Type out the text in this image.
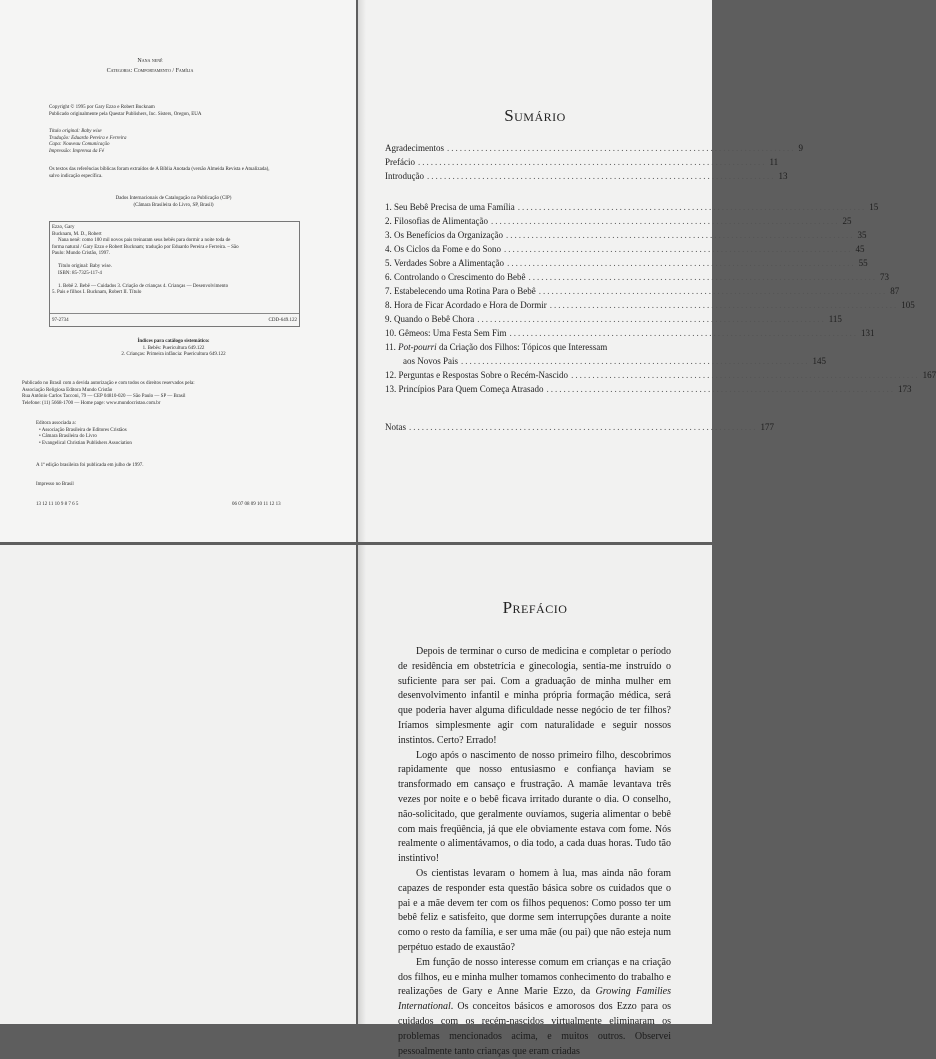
Nana nenê
Categoria: Comportamento / Família
Copyright © 1995 por Gary Ezzo e Robert Bucknam
Publicado originalmente pela Questar Publishers, Inc. Sisters, Oregon, EUA
Título original: Baby wise
Tradução: Eduardo Pereira e Ferreira
Capa: Nouveau Comunicação
Impressão: Imprensa da Fé
Os textos das referências bíblicas foram extraídos de A Bíblia Anotada (versão Almeida Revista e Atualizada),
salvo indicação específica.
Dados Internacionais de Catalogação na Publicação (CIP)
(Câmara Brasileira do Livro, SP, Brasil)
Ezzo, Gary
Bucknam, M. D., Robert
Nana nenê: como 100 mil novos pais treinaram seus bebês para dormir a noite toda de
forma natural / Gary Ezzo e Robert Bucknam; tradução por Eduardo Pereira e Ferreira. – São
Paulo: Mundo Cristão, 1997.
Título original: Baby wise.
ISBN: 85-7325-117-4
1. Bebê 2. Bebê — Cuidados 3. Criação de crianças 4. Crianças — Desenvolvimento
5. Pais e filhos I. Bucknam, Robert II. Título
97-2734	CDD-649.122
Índices para catálogo sistemático:
1. Bebês: Puericultura 649.122
2. Crianças: Primeira infância: Puericultura 649.122
Publicado no Brasil com a devida autorização e com todos os direitos reservados pela:
Associação Religiosa Editora Mundo Cristão
Rua Antônio Carlos Tacconi, 79 — CEP 04810-020 — São Paulo — SP — Brasil
Telefone: (11) 5668-1700 — Home page: www.mundocristao.com.br
Editora associada a:
• Associação Brasileira de Editores Cristãos
• Câmara Brasileira do Livro
• Evangelical Christian Publishers Association
A 1ª edição brasileira foi publicada em julho de 1997.
Impresso no Brasil
13 12 11 10 9 8 7 6 5	06 07 08 09 10 11 12 13
Sumário
Agradecimentos .................................................................................. 9
Prefácio .................................................................................. 11
Introdução .................................................................................. 13
1. Seu Bebê Precisa de uma Família .................................................................................. 15
2. Filosofias de Alimentação .................................................................................. 25
3. Os Benefícios da Organização .................................................................................. 35
4. Os Ciclos da Fome e do Sono .................................................................................. 45
5. Verdades Sobre a Alimentação .................................................................................. 55
6. Controlando o Crescimento do Bebê .................................................................................. 73
7. Estabelecendo uma Rotina Para o Bebê .................................................................................. 87
8. Hora de Ficar Acordado e Hora de Dormir .................................................................................. 105
9. Quando o Bebê Chora .................................................................................. 115
10. Gêmeos: Uma Festa Sem Fim .................................................................................. 131
11. Pot-pourri da Criação dos Filhos: Tópicos que Interessam
aos Novos Pais .................................................................................. 145
12. Perguntas e Respostas Sobre o Recém-Nascido .................................................................................. 167
13. Princípios Para Quem Começa Atrasado .................................................................................. 173
Notas .................................................................................. 177
Prefácio

Depois de terminar o curso de medicina e completar o período de residência em obstetrícia e ginecologia, sentia-me instruído o suficiente para ser pai. Com a graduação de minha mulher em desenvolvimento infantil e minha própria formação médica, será que poderia haver alguma dificuldade nesse negócio de ter filhos? Iríamos simplesmente agir com naturalidade e seguir nossos instintos. Certo? Errado!

Logo após o nascimento de nosso primeiro filho, descobrimos rapidamente que nosso entusiasmo e confiança haviam se transformado em cansaço e frustração. A mamãe levantava três vezes por noite e o bebê ficava irritado durante o dia. O conselho, não-solicitado, que geralmente ouvíamos, sugeria alimentar o bebê com mais freqüência, já que ele obviamente estava com fome. Nós realmente o alimentávamos, o dia todo, a cada duas horas. Tudo tão instintivo!

Os cientistas levaram o homem à lua, mas ainda não foram capazes de responder esta questão básica sobre os cuidados que o pai e a mãe devem ter com os filhos pequenos: Como posso ter um bebê feliz e satisfeito, que dorme sem interrupções durante a noite como o resto da família, e ser uma mãe (ou pai) que não esteja num perpétuo estado de exaustão?

Em função de nosso interesse comum em crianças e na criação dos filhos, eu e minha mulher tomamos conhecimento do trabalho e realizações de Gary e Anne Marie Ezzo, da Growing Families International. Os conceitos básicos e amorosos dos Ezzo para os cuidados com os recém-nascidos virtualmente eliminaram os problemas mencionados acima, e muitos outros. Observei pessoalmente tanto crianças que eram criadas
